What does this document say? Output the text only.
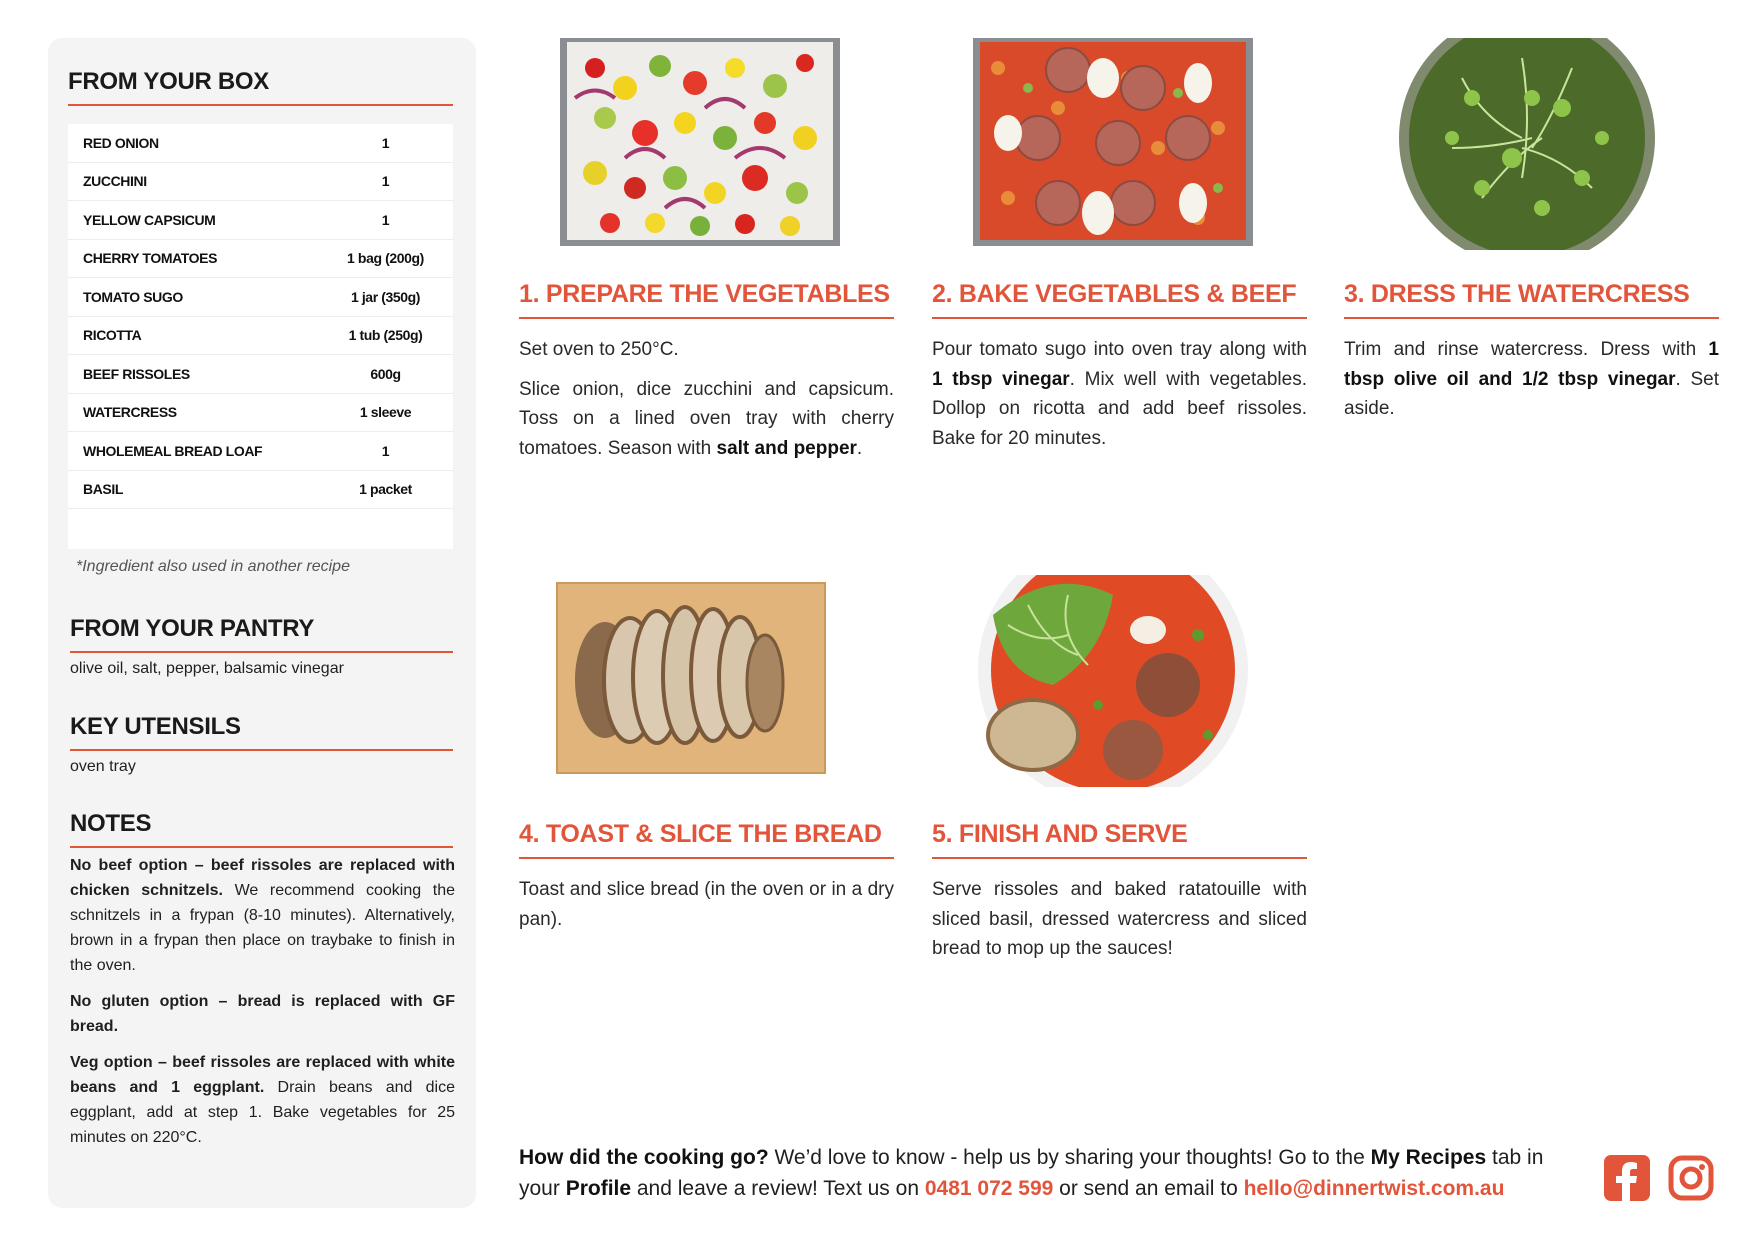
FROM YOUR BOX
RED ONION	1
ZUCCHINI	1
YELLOW CAPSICUM	1
CHERRY TOMATOES	1 bag (200g)
TOMATO SUGO	1 jar (350g)
RICOTTA	1 tub (250g)
BEEF RISSOLES	600g
WATERCRESS	1 sleeve
WHOLEMEAL BREAD LOAF	1
BASIL	1 packet
*Ingredient also used in another recipe
FROM YOUR PANTRY
olive oil, salt, pepper, balsamic vinegar
KEY UTENSILS
oven tray
NOTES

No beef option – beef rissoles are replaced with chicken schnitzels. We recommend cooking the schnitzels in a frypan (8-10 minutes). Alternatively, brown in a frypan then place on traybake to finish in the oven.

No gluten option – bread is replaced with GF bread.

Veg option – beef rissoles are replaced with white beans and 1 eggplant. Drain beans and dice eggplant, add at step 1. Bake vegetables for 25 minutes on 220°C.

1. PREPARE THE VEGETABLES

Set oven to 250°C.

Slice onion, dice zucchini and capsicum. Toss on a lined oven tray with cherry tomatoes. Season with salt and pepper.

2. BAKE VEGETABLES & BEEF

Pour tomato sugo into oven tray along with 1 tbsp vinegar. Mix well with vegetables. Dollop on ricotta and add beef rissoles. Bake for 20 minutes.

3. DRESS THE WATERCRESS

Trim and rinse watercress. Dress with 1 tbsp olive oil and 1/2 tbsp vinegar. Set aside.

4. TOAST & SLICE THE BREAD

Toast and slice bread (in the oven or in a dry pan).

5. FINISH AND SERVE

Serve rissoles and baked ratatouille with sliced basil, dressed watercress and sliced bread to mop up the sauces!

How did the cooking go? We’d love to know - help us by sharing your thoughts! Go to the My Recipes tab in your Profile and leave a review! Text us on 0481 072 599 or send an email to hello@dinnertwist.com.au
